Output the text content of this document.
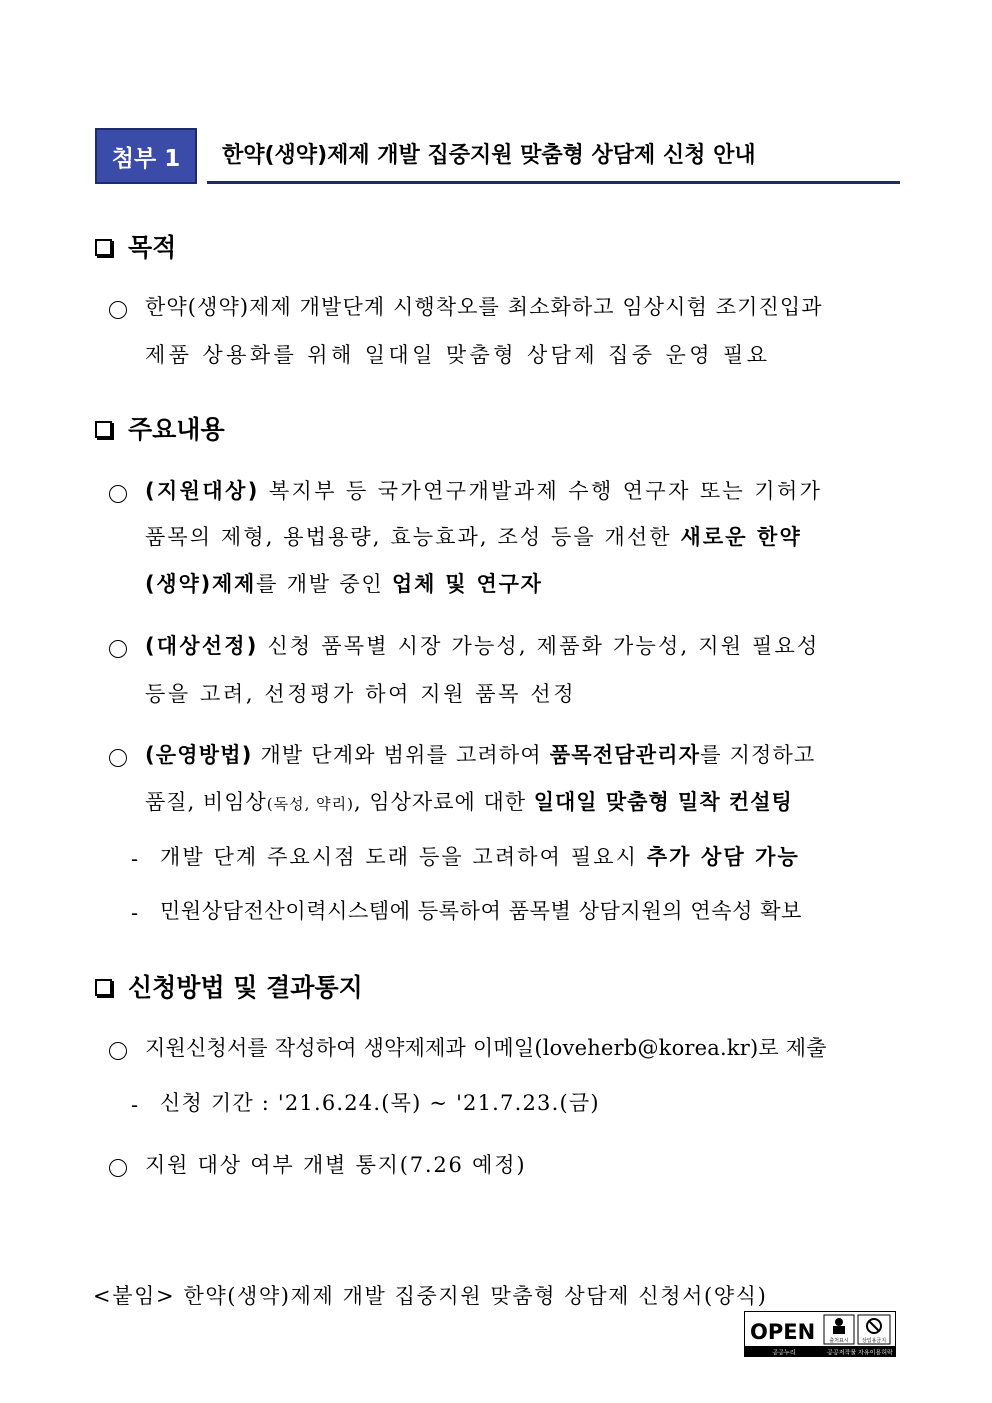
첨부 1	한약(생약)제제 개발 집중지원 맞춤형 상담제 신청 안내
목적
한약(생약)제제 개발단계 시행착오를 최소화하고 임상시험 조기진입과
제품 상용화를 위해 일대일 맞춤형 상담제 집중 운영 필요
주요내용
(지원대상) 복지부 등 국가연구개발과제 수행 연구자 또는 기허가
품목의 제형, 용법용량, 효능효과, 조성 등을 개선한 새로운 한약
(생약)제제를 개발 중인 업체 및 연구자
(대상선정) 신청 품목별 시장 가능성, 제품화 가능성, 지원 필요성
등을 고려, 선정평가 하여 지원 품목 선정
(운영방법) 개발 단계와 범위를 고려하여 품목전담관리자를 지정하고
품질, 비임상(독성, 약리), 임상자료에 대한 일대일 맞춤형 밀착 컨설팅
- 개발 단계 주요시점 도래 등을 고려하여 필요시 추가 상담 가능
- 민원상담전산이력시스템에 등록하여 품목별 상담지원의 연속성 확보
신청방법 및 결과통지
지원신청서를 작성하여 생약제제과 이메일(loveherb@korea.kr)로 제출
- 신청 기간 : '21.6.24.(목) ~ '21.7.23.(금)
지원 대상 여부 개별 통지(7.26 예정)
<붙임> 한약(생약)제제 개발 집중지원 맞춤형 상담제 신청서(양식)
OPEN
공공누리	공공저작물 자유이용허락
출처표시	상업용금지
